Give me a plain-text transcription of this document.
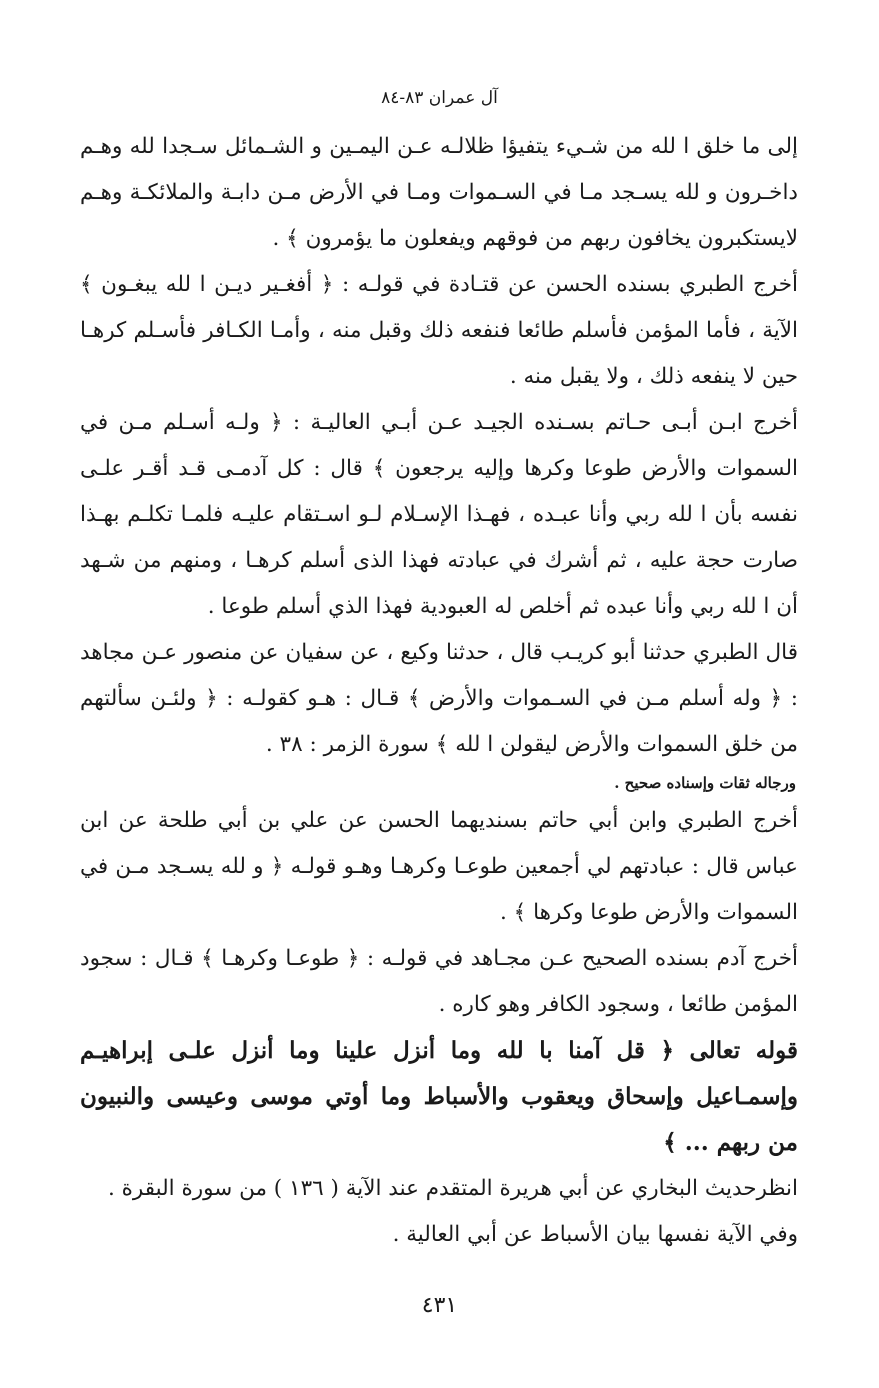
آل عمران ٨٣-٨٤

إلى ما خلق ا لله من شـيء يتفيؤا ظلالـه عـن اليمـين و الشـمائل سـجدا لله وهـم داخـرون و لله يسـجد مـا في السـموات ومـا في الأرض مـن دابـة والملائكـة وهـم لايستكبرون يخافون ربهم من فوقهم ويفعلون ما يؤمرون ﴾ .

أخرج الطبري بسنده الحسن عن قتـادة في قولـه : ﴿ أفغـير ديـن ا لله يبغـون ﴾ الآية ، فأما المؤمن فأسلم طائعا فنفعه ذلك وقبل منه ، وأمـا الكـافر فأسـلم كرهـا حين لا ينفعه ذلك ، ولا يقبل منه .

أخرج ابـن أبـى حـاتم بسـنده الجيـد عـن أبـي العاليـة : ﴿ ولـه أسـلم مـن في السموات والأرض طوعا وكرها وإليه يرجعون ﴾ قال : كل آدمـى قـد أقـر علـى نفسه بأن ا لله ربي وأنا عبـده ، فهـذا الإسـلام لـو اسـتقام عليـه فلمـا تكلـم بهـذا صارت حجة عليه ، ثم أشرك في عبادته فهذا الذى أسلم كرهـا ، ومنهم من شـهد أن ا لله ربي وأنا عبده ثم أخلص له العبودية فهذا الذي أسلم طوعا .

قال الطبري حدثنا أبو كريـب قال ، حدثنا وكيع ، عن سفيان عن منصور عـن مجاهد : ﴿ وله أسلم مـن في السـموات والأرض ﴾ قـال : هـو كقولـه : ﴿ ولئـن سألتهم من خلق السموات والأرض ليقولن ا لله ﴾ سورة الزمر : ٣٨ .

ورجاله ثقات وإسناده صحيح .

أخرج الطبري وابن أبي حاتم بسنديهما الحسن عن علي بن أبي طلحة عن ابن عباس قال : عبادتهم لي أجمعين طوعـا وكرهـا وهـو قولـه ﴿ و لله يسـجد مـن في السموات والأرض طوعا وكرها ﴾ .

أخرج آدم بسنده الصحيح عـن مجـاهد في قولـه : ﴿ طوعـا وكرهـا ﴾ قـال : سجود المؤمن طائعا ، وسجود الكافر وهو كاره .

قوله تعالى ﴿ قل آمنا با لله وما أنزل علينا وما أنزل علـى إبراهيـم وإسمـاعيل وإسحاق ويعقوب والأسباط وما أوتي موسى وعيسى والنبيون من ربهم ... ﴾

انظرحديث البخاري عن أبي هريرة المتقدم عند الآية ( ١٣٦ ) من سورة البقرة .

وفي الآية نفسها بيان الأسباط عن أبي العالية .

٤٣١
